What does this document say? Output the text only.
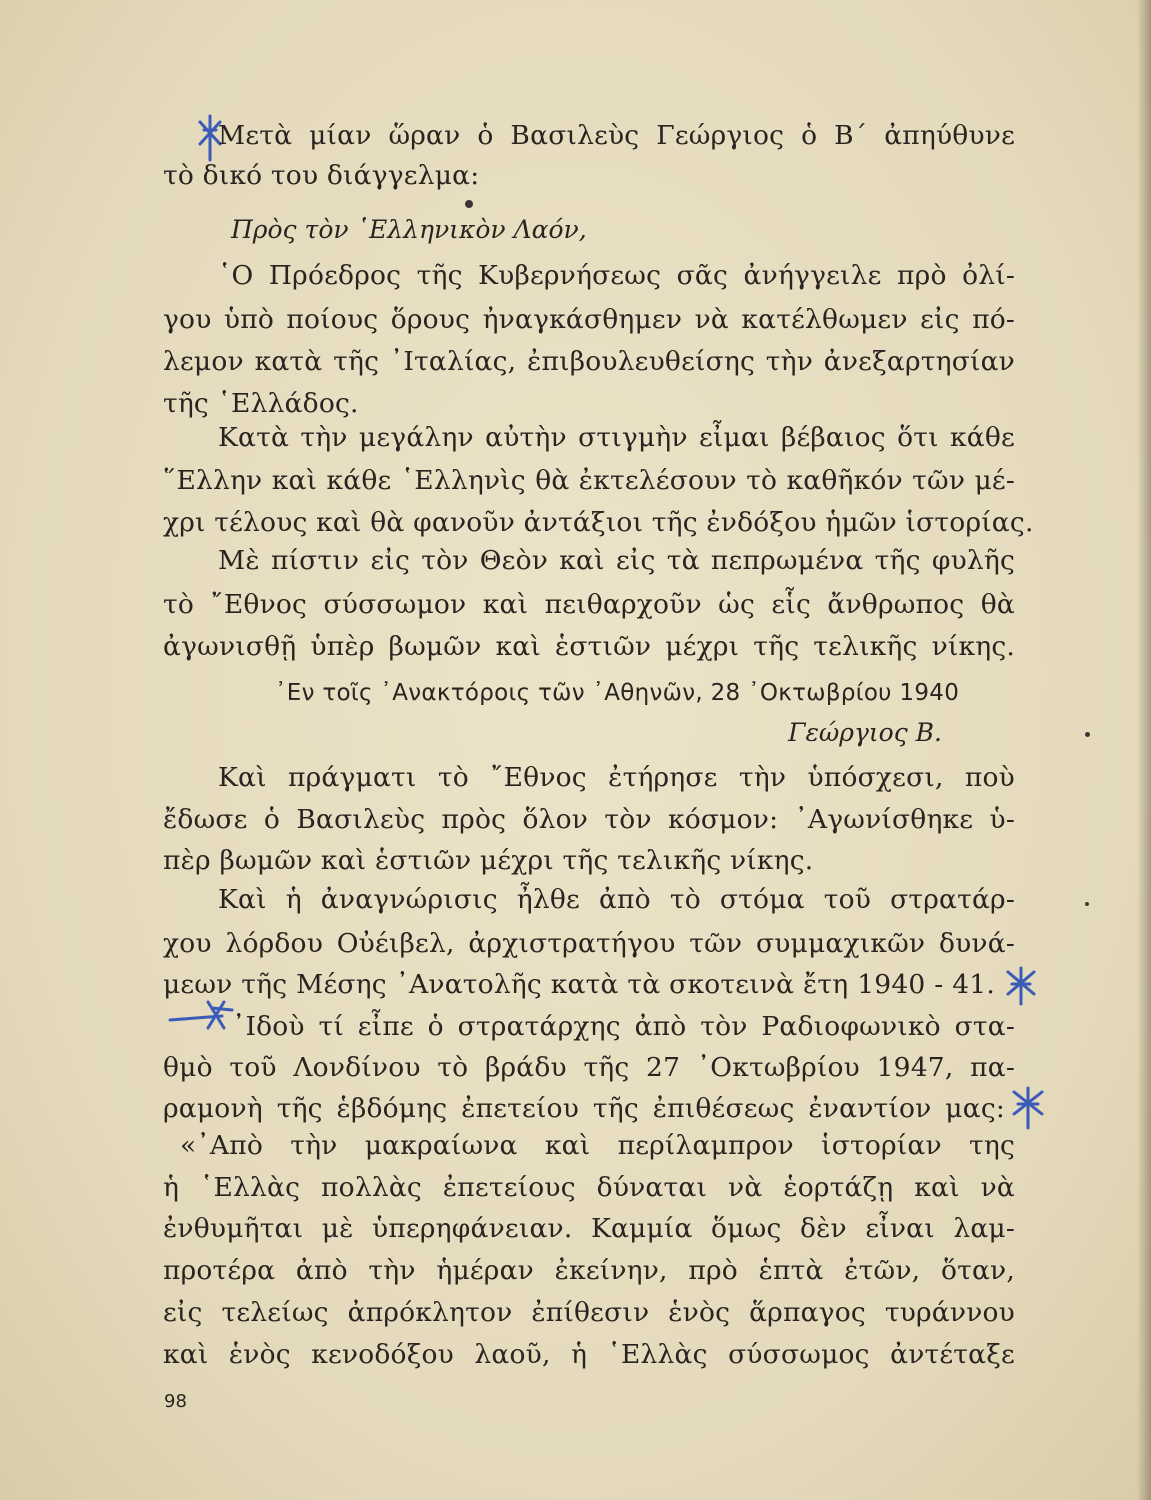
Μετὰ μίαν ὥραν ὁ Βασιλεὺς Γεώργιος ὁ Β΄ ἀπηύθυνε
τὸ δικό του διάγγελμα:
Πρὸς τὸν ῾Ελληνικὸν Λαόν,
῾Ο Πρόεδρος τῆς Κυβερνήσεως σᾶς ἀνήγγειλε πρὸ ὀλί-
γου ὑπὸ ποίους ὅρους ἠναγκάσθημεν νὰ κατέλθωμεν εἰς πό-
λεμον κατὰ τῆς ᾿Ιταλίας, ἐπιβουλευθείσης τὴν ἀνεξαρτησίαν
τῆς ῾Ελλάδος.
Κατὰ τὴν μεγάλην αὐτὴν στιγμὴν εἶμαι βέβαιος ὅτι κάθε
῞Ελλην καὶ κάθε ῾Ελληνὶς θὰ ἐκτελέσουν τὸ καθῆκόν τῶν μέ-
χρι τέλους καὶ θὰ φανοῦν ἀντάξιοι τῆς ἐνδόξου ἡμῶν ἱστορίας.
Μὲ πίστιν εἰς τὸν Θεὸν καὶ εἰς τὰ πεπρωμένα τῆς φυλῆς
τὸ ῎Εθνος σύσσωμον καὶ πειθαρχοῦν ὡς εἷς ἄνθρωπος θὰ
ἀγωνισθῇ ὑπὲρ βωμῶν καὶ ἑστιῶν μέχρι τῆς τελικῆς νίκης.
᾿Εν τοῖς ᾿Ανακτόροις τῶν ᾿Αθηνῶν, 28 ᾿Οκτωβρίου 1940
Γεώργιος Β.
Καὶ πράγματι τὸ ῎Εθνος ἐτήρησε τὴν ὑπόσχεσι, ποὺ
ἔδωσε ὁ Βασιλεὺς πρὸς ὅλον τὸν κόσμον: ᾿Αγωνίσθηκε ὑ-
πὲρ βωμῶν καὶ ἑστιῶν μέχρι τῆς τελικῆς νίκης.
Καὶ ἡ ἀναγνώρισις ἦλθε ἀπὸ τὸ στόμα τοῦ στρατάρ-
χου λόρδου Οὐέιβελ, ἀρχιστρατήγου τῶν συμμαχικῶν δυνά-
μεων τῆς Μέσης ᾿Ανατολῆς κατὰ τὰ σκοτεινὰ ἔτη 1940 - 41.
᾿Ιδοὺ τί εἶπε ὁ στρατάρχης ἀπὸ τὸν Ραδιοφωνικὸ στα-
θμὸ τοῦ Λονδίνου τὸ βράδυ τῆς 27 ᾿Οκτωβρίου 1947, πα-
ραμονὴ τῆς ἑβδόμης ἐπετείου τῆς ἐπιθέσεως ἐναντίον μας:
«᾿Απὸ τὴν μακραίωνα καὶ περίλαμπρον ἱστορίαν της
ἡ ῾Ελλὰς πολλὰς ἐπετείους δύναται νὰ ἑορτάζῃ καὶ νὰ
ἐνθυμῆται μὲ ὑπερηφάνειαν. Καμμία ὅμως δὲν εἶναι λαμ-
προτέρα ἀπὸ τὴν ἡμέραν ἐκείνην, πρὸ ἑπτὰ ἐτῶν, ὅταν,
εἰς τελείως ἀπρόκλητον ἐπίθεσιν ἑνὸς ἅρπαγος τυράννου
καὶ ἑνὸς κενοδόξου λαοῦ, ἡ ῾Ελλὰς σύσσωμος ἀντέταξε
98
